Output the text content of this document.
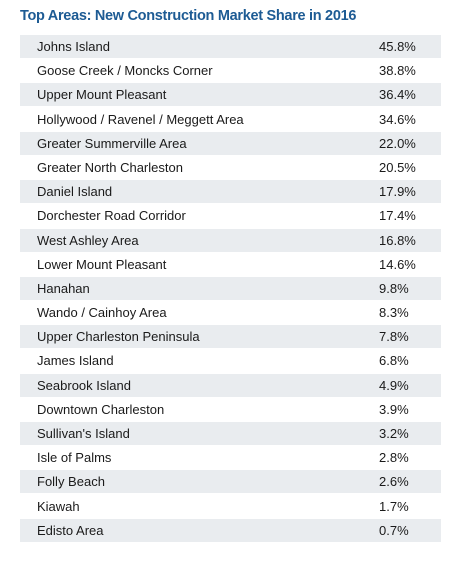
Top Areas: New Construction Market Share in 2016
Johns Island	45.8%
Goose Creek / Moncks Corner	38.8%
Upper Mount Pleasant	36.4%
Hollywood / Ravenel / Meggett Area	34.6%
Greater Summerville Area	22.0%
Greater North Charleston	20.5%
Daniel Island	17.9%
Dorchester Road Corridor	17.4%
West Ashley Area	16.8%
Lower Mount Pleasant	14.6%
Hanahan	9.8%
Wando / Cainhoy Area	8.3%
Upper Charleston Peninsula	7.8%
James Island	6.8%
Seabrook Island	4.9%
Downtown Charleston	3.9%
Sullivan's Island	3.2%
Isle of Palms	2.8%
Folly Beach	2.6%
Kiawah	1.7%
Edisto Area	0.7%
